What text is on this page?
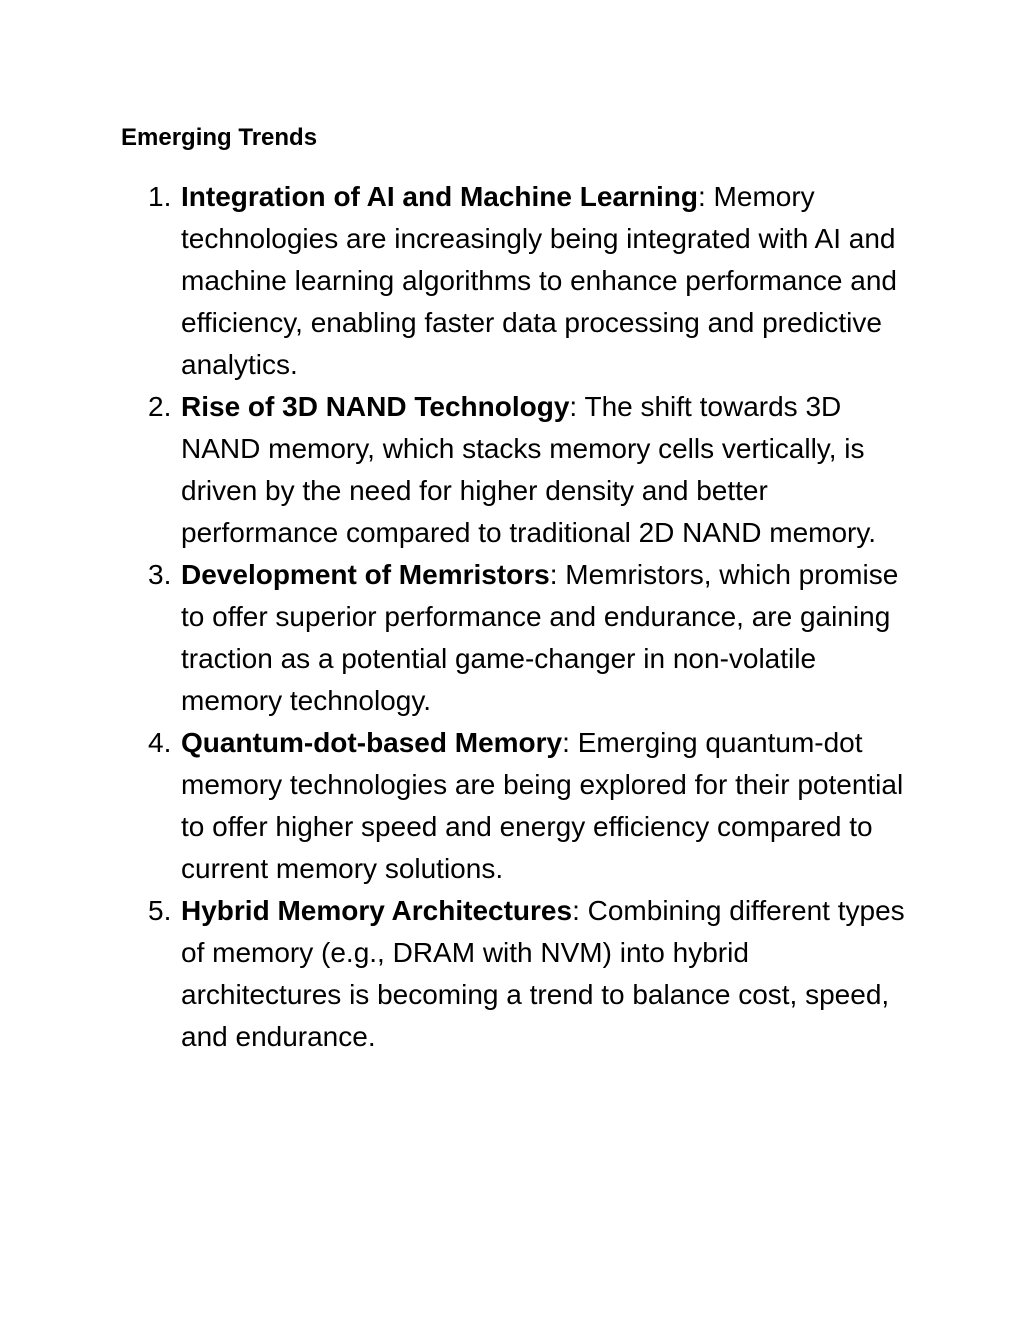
Emerging Trends
1. Integration of AI and Machine Learning: Memory technologies are increasingly being integrated with AI and machine learning algorithms to enhance performance and efficiency, enabling faster data processing and predictive analytics.
2. Rise of 3D NAND Technology: The shift towards 3D NAND memory, which stacks memory cells vertically, is driven by the need for higher density and better performance compared to traditional 2D NAND memory.
3. Development of Memristors: Memristors, which promise to offer superior performance and endurance, are gaining traction as a potential game-changer in non-volatile memory technology.
4. Quantum-dot-based Memory: Emerging quantum-dot memory technologies are being explored for their potential to offer higher speed and energy efficiency compared to current memory solutions.
5. Hybrid Memory Architectures: Combining different types of memory (e.g., DRAM with NVM) into hybrid architectures is becoming a trend to balance cost, speed, and endurance.
